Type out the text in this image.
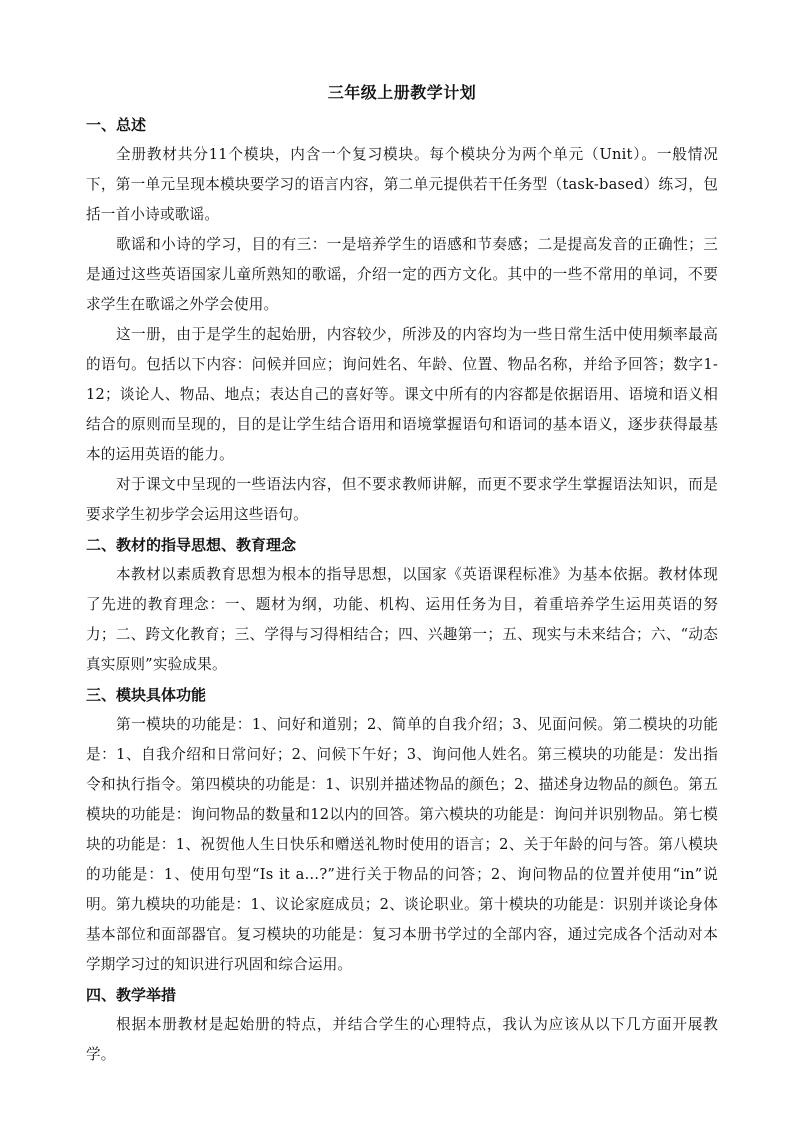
三年级上册教学计划
一、总述

全册教材共分11个模块，内含一个复习模块。每个模块分为两个单元（Unit）。一般情况下，第一单元呈现本模块要学习的语言内容，第二单元提供若干任务型（task-based）练习，包括一首小诗或歌谣。

歌谣和小诗的学习，目的有三：一是培养学生的语感和节奏感；二是提高发音的正确性；三是通过这些英语国家儿童所熟知的歌谣，介绍一定的西方文化。其中的一些不常用的单词，不要求学生在歌谣之外学会使用。

这一册，由于是学生的起始册，内容较少，所涉及的内容均为一些日常生活中使用频率最高的语句。包括以下内容：问候并回应；询问姓名、年龄、位置、物品名称，并给予回答；数字1-12；谈论人、物品、地点；表达自己的喜好等。课文中所有的内容都是依据语用、语境和语义相结合的原则而呈现的，目的是让学生结合语用和语境掌握语句和语词的基本语义，逐步获得最基本的运用英语的能力。

对于课文中呈现的一些语法内容，但不要求教师讲解，而更不要求学生掌握语法知识，而是要求学生初步学会运用这些语句。

二、教材的指导思想、教育理念

本教材以素质教育思想为根本的指导思想，以国家《英语课程标准》为基本依据。教材体现了先进的教育理念：一、题材为纲，功能、机构、运用任务为目，着重培养学生运用英语的努力；二、跨文化教育；三、学得与习得相结合；四、兴趣第一；五、现实与未来结合；六、“动态真实原则”实验成果。

三、模块具体功能

第一模块的功能是：1、问好和道别；2、简单的自我介绍；3、见面问候。第二模块的功能是：1、自我介绍和日常问好；2、问候下午好；3、询问他人姓名。第三模块的功能是：发出指令和执行指令。第四模块的功能是：1、识别并描述物品的颜色；2、描述身边物品的颜色。第五模块的功能是：询问物品的数量和12以内的回答。第六模块的功能是：询问并识别物品。第七模块的功能是：1、祝贺他人生日快乐和赠送礼物时使用的语言；2、关于年龄的问与答。第八模块的功能是：1、使用句型“Is it a…?”进行关于物品的问答；2、询问物品的位置并使用“in”说明。第九模块的功能是：1、议论家庭成员；2、谈论职业。第十模块的功能是：识别并谈论身体基本部位和面部器官。复习模块的功能是：复习本册书学过的全部内容，通过完成各个活动对本学期学习过的知识进行巩固和综合运用。

四、教学举措

根据本册教材是起始册的特点，并结合学生的心理特点，我认为应该从以下几方面开展教学。
